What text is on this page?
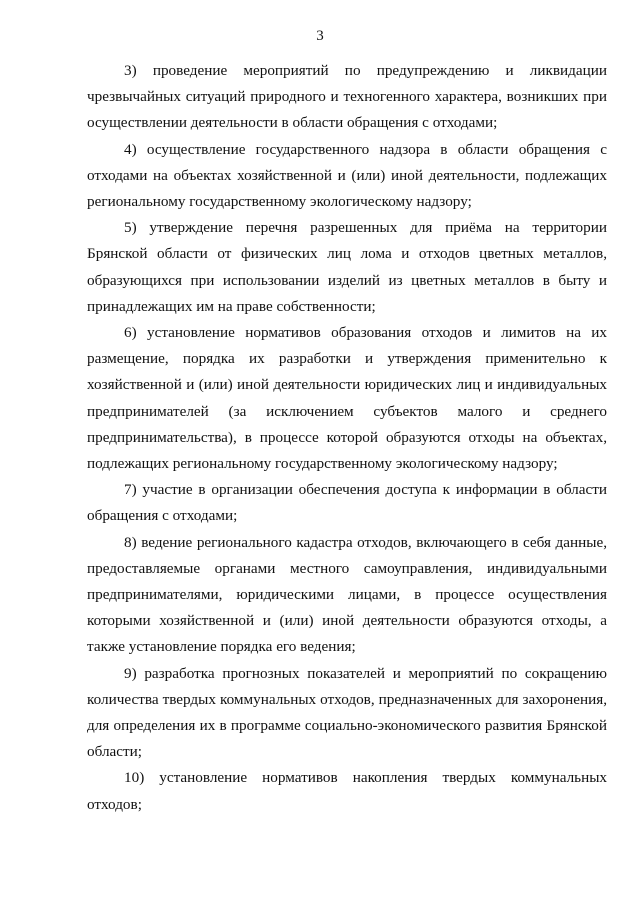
3

3) проведение мероприятий по предупреждению и ликвидации чрезвычайных ситуаций природного и техногенного характера, возникших при осуществлении деятельности в области обращения с отходами;

4) осуществление государственного надзора в области обращения с отходами на объектах хозяйственной и (или) иной деятельности, подлежащих региональному государственному экологическому надзору;

5) утверждение перечня разрешенных для приёма на территории Брянской области от физических лиц лома и отходов цветных металлов, образующихся при использовании изделий из цветных металлов в быту и принадлежащих им на праве собственности;

6) установление нормативов образования отходов и лимитов на их размещение, порядка их разработки и утверждения применительно к хозяйственной и (или) иной деятельности юридических лиц и индивидуальных предпринимателей (за исключением субъектов малого и среднего предпринимательства), в процессе которой образуются отходы на объектах, подлежащих региональному государственному экологическому надзору;

7) участие в организации обеспечения доступа к информации в области обращения с отходами;

8) ведение регионального кадастра отходов, включающего в себя данные, предоставляемые органами местного самоуправления, индивидуальными предпринимателями, юридическими лицами, в процессе осуществления которыми хозяйственной и (или) иной деятельности образуются отходы, а также установление порядка его ведения;

9) разработка прогнозных показателей и мероприятий по сокращению количества твердых коммунальных отходов, предназначенных для захоронения, для определения их в программе социально-экономического развития Брянской области;

10) установление нормативов накопления твердых коммунальных отходов;
